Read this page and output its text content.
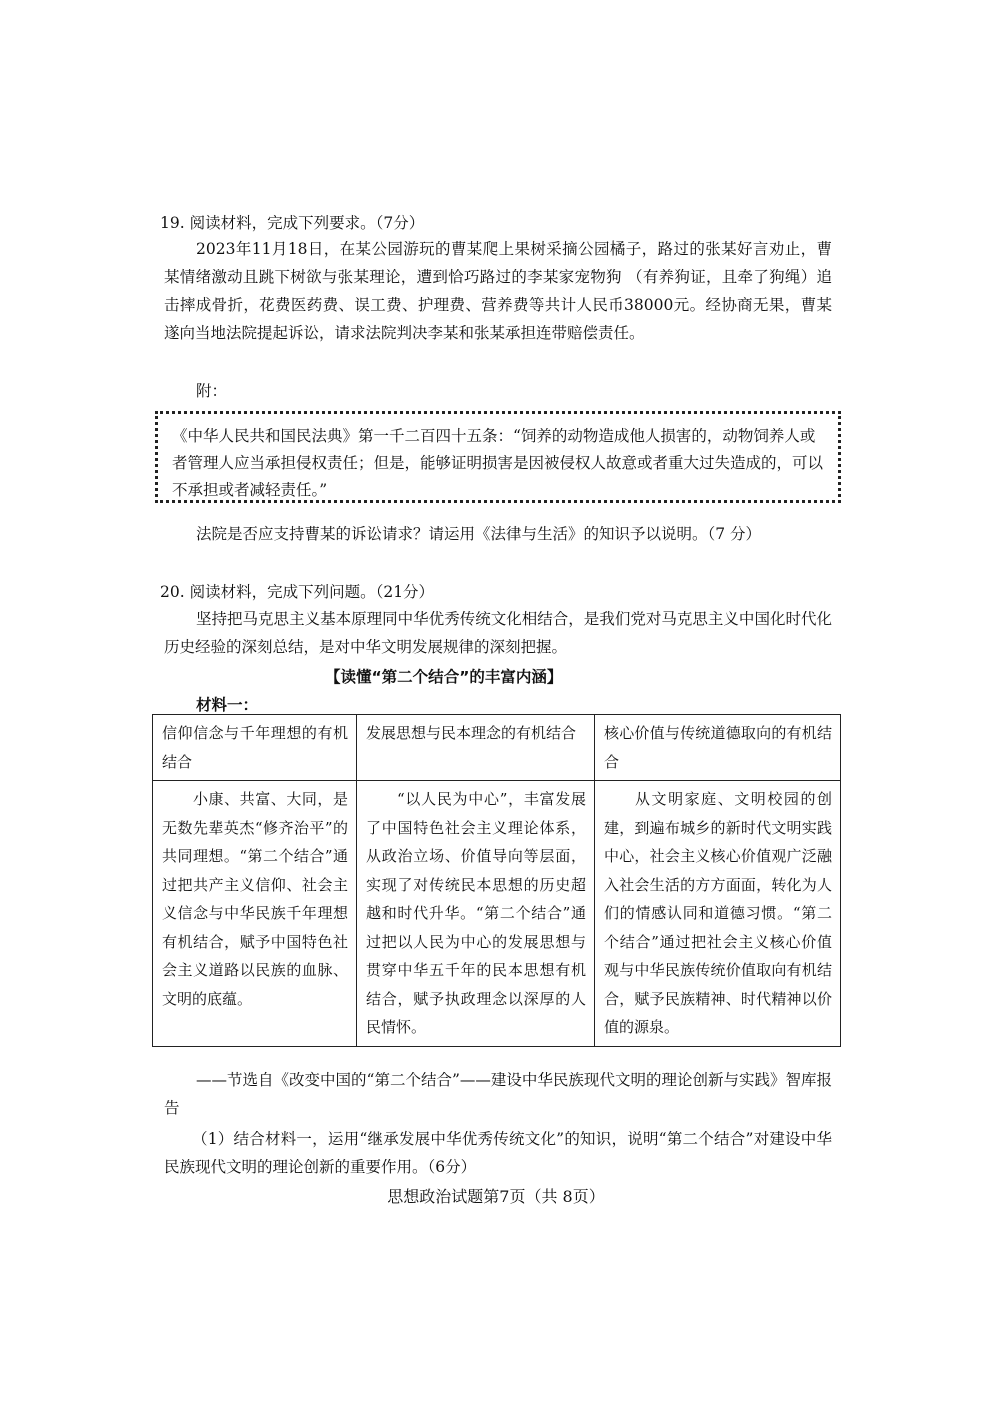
19. 阅读材料，完成下列要求。（7分）
2023年11月18日，在某公园游玩的曹某爬上果树采摘公园橘子，路过的张某好言劝止，曹某情绪激动且跳下树欲与张某理论，遭到恰巧路过的李某家宠物狗 （有养狗证，且牵了狗绳）追击摔成骨折，花费医药费、误工费、护理费、营养费等共计人民币38000元。经协商无果，曹某遂向当地法院提起诉讼，请求法院判决李某和张某承担连带赔偿责任。
附：
《中华人民共和国民法典》第一千二百四十五条：“饲养的动物造成他人损害的，动物饲养人或者管理人应当承担侵权责任；但是，能够证明损害是因被侵权人故意或者重大过失造成的，可以不承担或者减轻责任。”
法院是否应支持曹某的诉讼请求？请运用《法律与生活》的知识予以说明。（7 分）
20. 阅读材料，完成下列问题。（21分）
坚持把马克思主义基本原理同中华优秀传统文化相结合，是我们党对马克思主义中国化时代化历史经验的深刻总结，是对中华文明发展规律的深刻把握。
【读懂“第二个结合”的丰富内涵】
材料一：
信仰信念与千年理想的有机结合	发展思想与民本理念的有机结合	核心价值与传统道德取向的有机结合
小康、共富、大同，是无数先辈英杰“修齐治平”的共同理想。“第二个结合”通过把共产主义信仰、社会主义信念与中华民族千年理想有机结合，赋予中国特色社会主义道路以民族的血脉、文明的底蕴。	“以人民为中心”，丰富发展了中国特色社会主义理论体系，从政治立场、价值导向等层面，实现了对传统民本思想的历史超越和时代升华。“第二个结合”通过把以人民为中心的发展思想与贯穿中华五千年的民本思想有机结合，赋予执政理念以深厚的人民情怀。	从文明家庭、文明校园的创建，到遍布城乡的新时代文明实践中心，社会主义核心价值观广泛融入社会生活的方方面面，转化为人们的情感认同和道德习惯。“第二个结合”通过把社会主义核心价值观与中华民族传统价值取向有机结合，赋予民族精神、时代精神以价值的源泉。
——节选自《改变中国的“第二个结合”——建设中华民族现代文明的理论创新与实践》智库报告
（1）结合材料一，运用“继承发展中华优秀传统文化”的知识，说明“第二个结合”对建设中华民族现代文明的理论创新的重要作用。（6分）
思想政治试题第7页（共 8页）
